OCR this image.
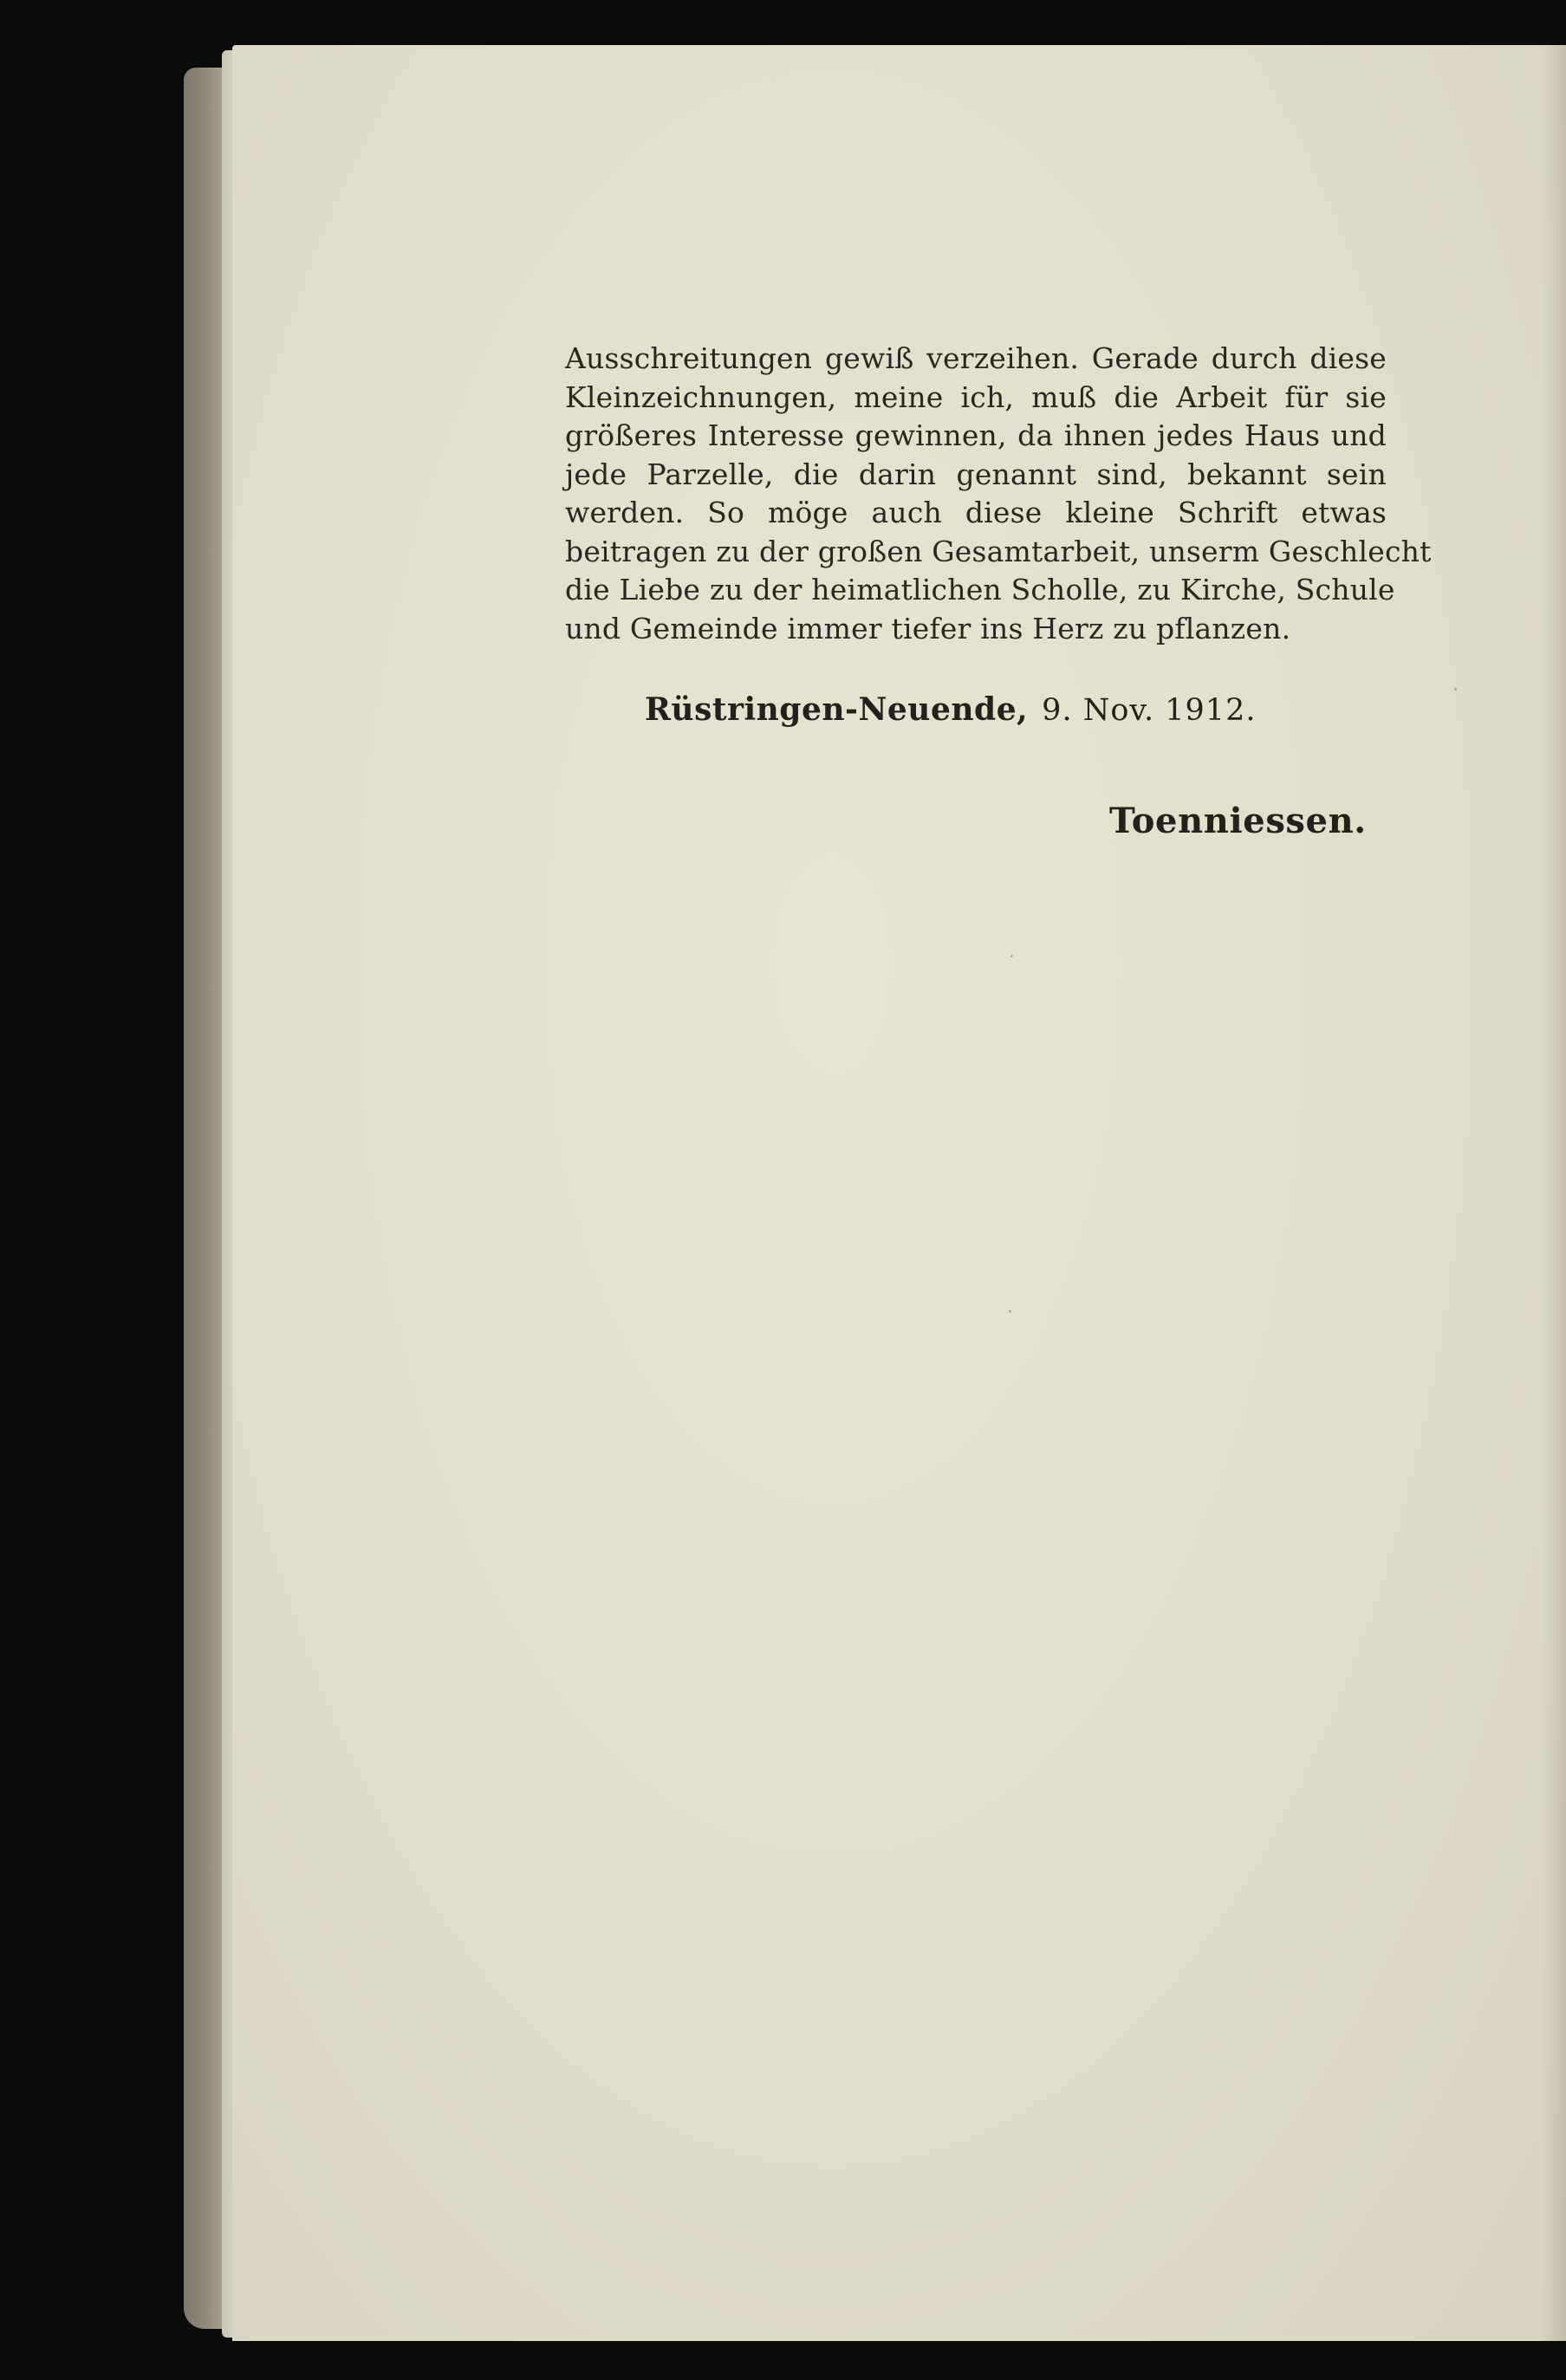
Ausschreitungen gewiß verzeihen. Gerade durch diese
Kleinzeichnungen, meine ich, muß die Arbeit für sie
größeres Interesse gewinnen, da ihnen jedes Haus und
jede Parzelle, die darin genannt sind, bekannt sein
werden. So möge auch diese kleine Schrift etwas
beitragen zu der großen Gesamtarbeit, unserm Geschlecht
die Liebe zu der heimatlichen Scholle, zu Kirche, Schule
und Gemeinde immer tiefer ins Herz zu pflanzen.
Rüstringen-Neuende, 9. Nov. 1912.
Toenniessen.
